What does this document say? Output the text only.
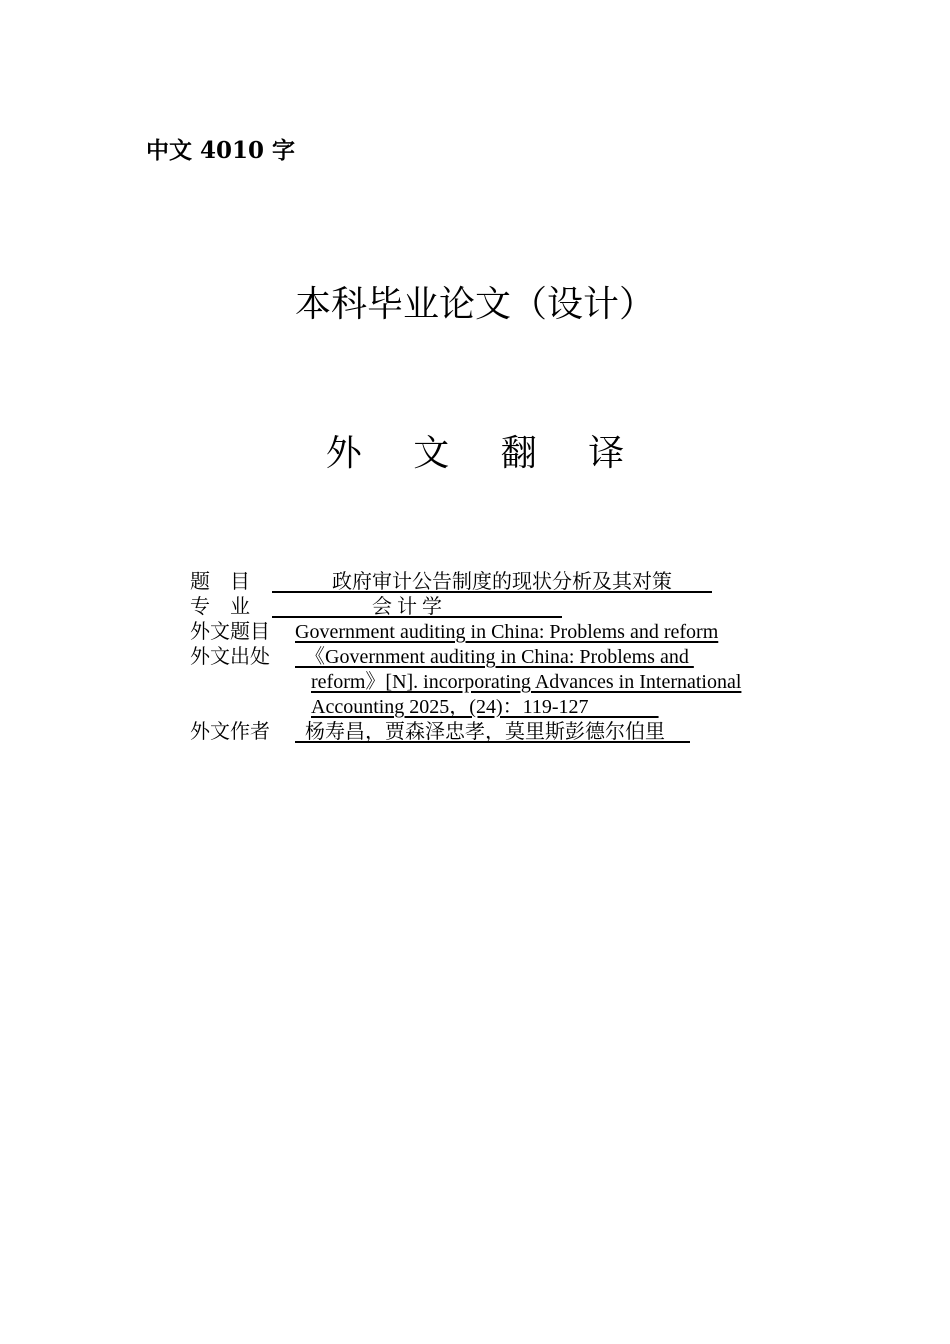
中文 4010 字
本科毕业论文（设计）
外 文 翻 译
题　目 　　　政府审计公告制度的现状分析及其对策　　
专　业 　　　　　会 计 学　　　　　　
外文题目 Government auditing in China: Problems and reform
外文出处 《Government auditing in China: Problems and
reform》[N]. incorporating Advances in International
Accounting 2025，(24)：119-127
外文作者 杨寿昌，贾森泽忠孝，莫里斯彭德尔伯里
